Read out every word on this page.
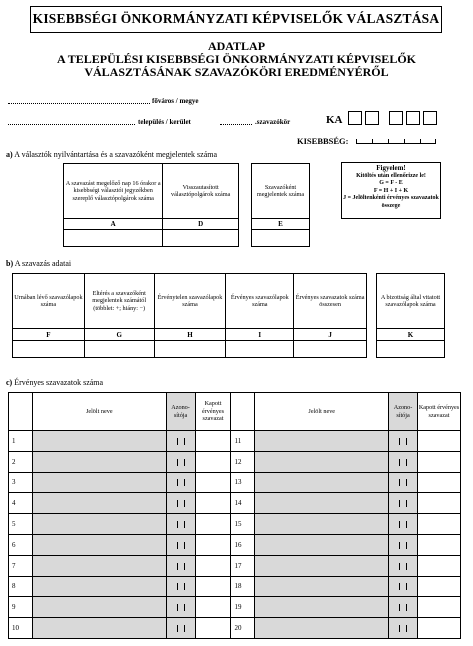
KISEBBSÉGI ÖNKORMÁNYZATI KÉPVISELŐK VÁLASZTÁSA
ADATLAP
A TELEPÜLÉSI KISEBBSÉGI ÖNKORMÁNYZATI KÉPVISELŐK
VÁLASZTÁSÁNAK SZAVAZÓKÖRI EREDMÉNYÉRŐL
főváros / megye
település / kerület	.szavazókör	KA
KISEBBSÉG:
a) A választók nyilvántartása és a szavazóként megjelentek száma
A szavazást megelőző nap 16 órakor a kisebbségi választói jegyzékben szereplő választópolgárok száma	Visszautasított választópolgárok száma
A	D

Szavazóként megjelentek száma
E

Figyelem!
Kitöltés után ellenőrizze le!
G = F - E
F = H + I + K
J = Jelöltenkénti érvényes szavazatok összege
b) A szavazás adatai
Urnában lévő szavazólapok száma	Eltérés a szavazóként megjelentek számától (többlet: +; hiány: −)	Érvénytelen szavazólapok száma	Érvényes szavazólapok száma	Érvényes szavazatok száma összesen
F	G	H	I	J

A bizottság által vitatott szavazólapok száma
K

c) Érvényes szavazatok száma
	Jelölt neve	Azono-sítója	Kapott érvényes szavazat		Jelölt neve	Azono-sítója	Kapott érvényes szavazat
1				11			
2				12			
3				13			
4				14			
5				15			
6				16			
7				17			
8				18			
9				19			
10				20			
